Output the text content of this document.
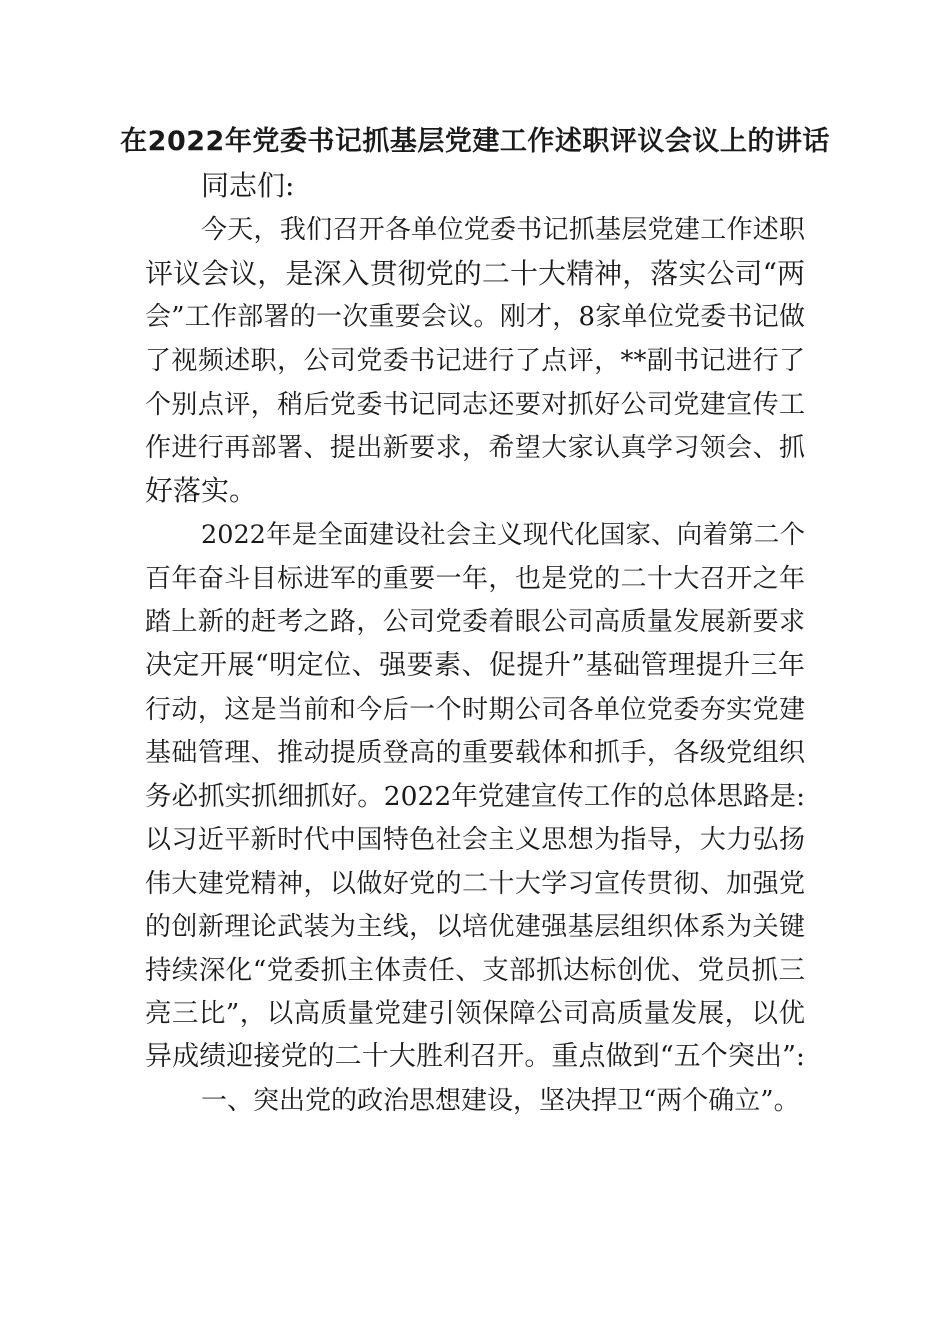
在2022年党委书记抓基层党建工作述职评议会议上的讲话
同志们:
今天，我们召开各单位党委书记抓基层党建工作述职
评议会议，是深入贯彻党的二十大精神，落实公司“两
会”工作部署的一次重要会议。刚才，8家单位党委书记做
了视频述职，公司党委书记进行了点评，**副书记进行了
个别点评，稍后党委书记同志还要对抓好公司党建宣传工
作进行再部署、提出新要求，希望大家认真学习领会、抓
好落实。
2022年是全面建设社会主义现代化国家、向着第二个
百年奋斗目标进军的重要一年，也是党的二十大召开之年
踏上新的赶考之路，公司党委着眼公司高质量发展新要求
决定开展“明定位、强要素、促提升”基础管理提升三年
行动，这是当前和今后一个时期公司各单位党委夯实党建
基础管理、推动提质登高的重要载体和抓手，各级党组织
务必抓实抓细抓好。2022年党建宣传工作的总体思路是:
以习近平新时代中国特色社会主义思想为指导，大力弘扬
伟大建党精神，以做好党的二十大学习宣传贯彻、加强党
的创新理论武装为主线，以培优建强基层组织体系为关键
持续深化“党委抓主体责任、支部抓达标创优、党员抓三
亮三比”，以高质量党建引领保障公司高质量发展，以优
异成绩迎接党的二十大胜利召开。重点做到“五个突出”:
一、突出党的政治思想建设，坚决捍卫“两个确立”。
